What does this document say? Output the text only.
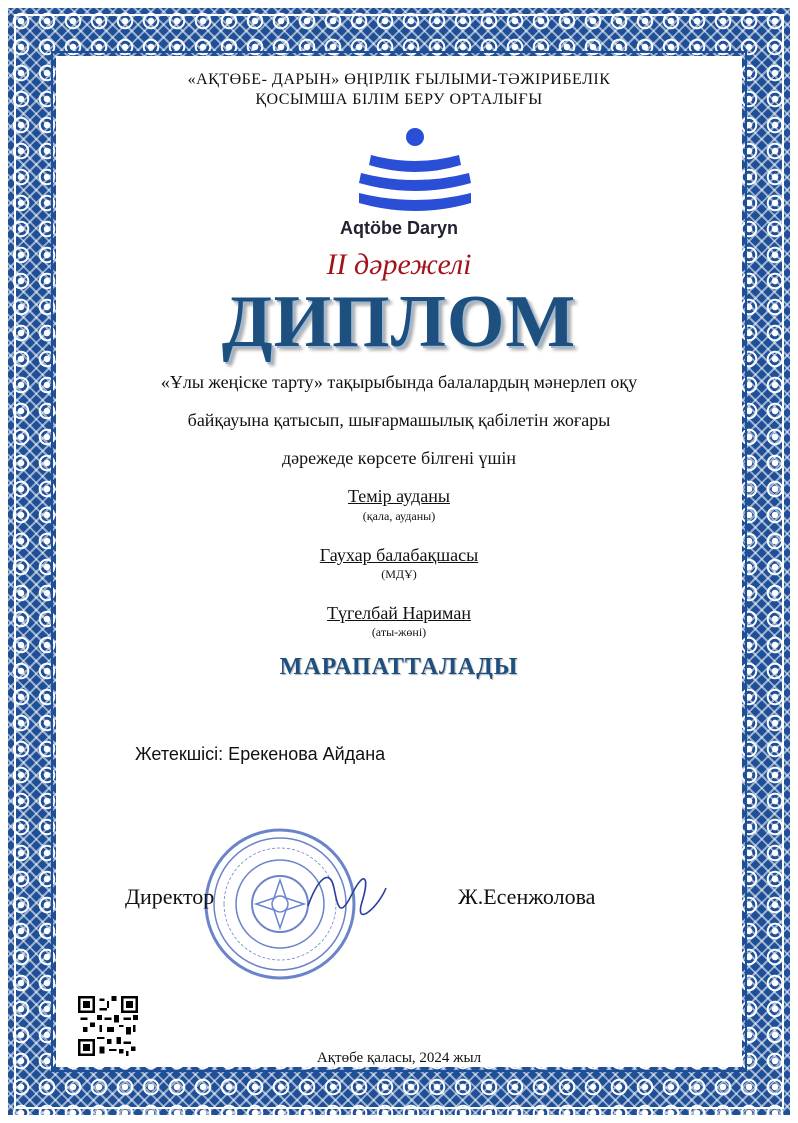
«АҚТӨБЕ- ДАРЫН» ӨҢІРЛІК ҒЫЛЫМИ-ТӘЖІРИБЕЛІК
ҚОСЫМША БІЛІМ БЕРУ ОРТАЛЫҒЫ
Aqtöbe Daryn
II дәрежелі
ДИПЛОМ
«Ұлы жеңіске тарту» тақырыбында балалардың мәнерлеп оқу
байқауына қатысып, шығармашылық қабілетін жоғары
дәрежеде көрсете білгені үшін
Темір ауданы
(қала, ауданы)
Гаухар балабақшасы
(МДҰ)
Түгелбай Нариман
(аты-жөні)
МАРАПАТТАЛАДЫ
Жетекшісі: Ерекенова Айдана
Директор	Ж.Есенжолова
Ақтөбе қаласы, 2024 жыл
